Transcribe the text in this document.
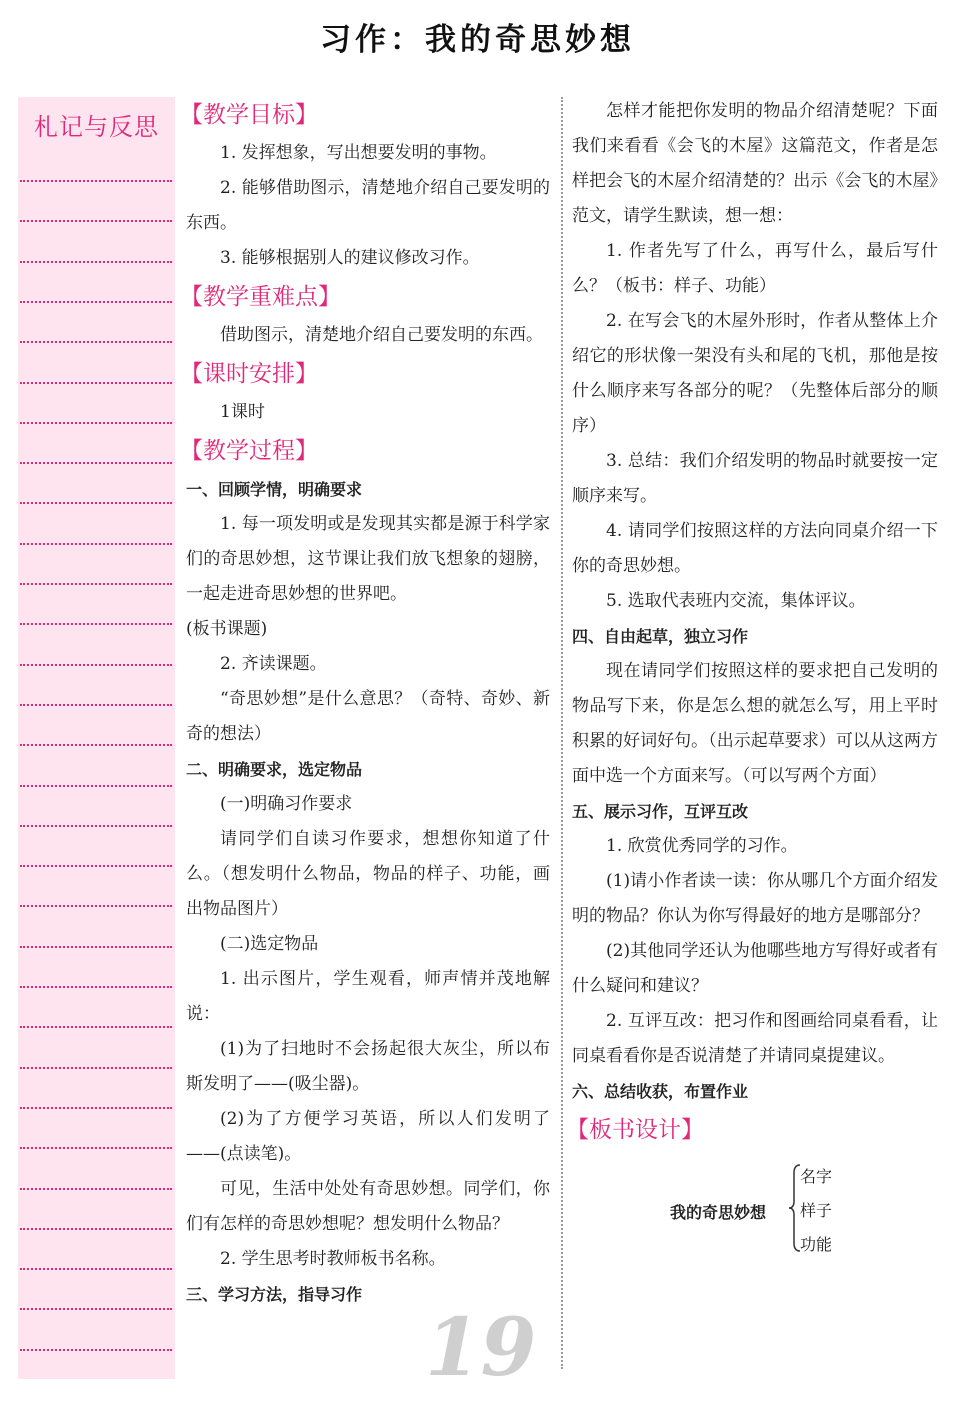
习作：我的奇思妙想
札记与反思 【教学目标】
1. 发挥想象，写出想要发明的事物。
2. 能够借助图示，清楚地介绍自己要发明的东西。
3. 能够根据别人的建议修改习作。
【教学重难点】
借助图示，清楚地介绍自己要发明的东西。
【课时安排】
1课时
【教学过程】
一、回顾学情，明确要求
1. 每一项发明或是发现其实都是源于科学家们的奇思妙想，这节课让我们放飞想象的翅膀，一起走进奇思妙想的世界吧。
(板书课题)
2. 齐读课题。
“奇思妙想”是什么意思？（奇特、奇妙、新奇的想法）
二、明确要求，选定物品
(一)明确习作要求
请同学们自读习作要求，想想你知道了什么。（想发明什么物品，物品的样子、功能，画出物品图片）
(二)选定物品
1. 出示图片，学生观看，师声情并茂地解说：
(1)为了扫地时不会扬起很大灰尘，所以布斯发明了——(吸尘器)。
(2)为了方便学习英语，所以人们发明了——(点读笔)。
可见，生活中处处有奇思妙想。同学们，你们有怎样的奇思妙想呢？想发明什么物品？
2. 学生思考时教师板书名称。
三、学习方法，指导习作
怎样才能把你发明的物品介绍清楚呢？下面我们来看看《会飞的木屋》这篇范文，作者是怎样把会飞的木屋介绍清楚的？出示《会飞的木屋》范文，请学生默读，想一想：
1. 作者先写了什么，再写什么，最后写什么？（板书：样子、功能）
2. 在写会飞的木屋外形时，作者从整体上介绍它的形状像一架没有头和尾的飞机，那他是按什么顺序来写各部分的呢？（先整体后部分的顺序）
3. 总结：我们介绍发明的物品时就要按一定顺序来写。
4. 请同学们按照这样的方法向同桌介绍一下你的奇思妙想。
5. 选取代表班内交流，集体评议。
四、自由起草，独立习作
现在请同学们按照这样的要求把自己发明的物品写下来，你是怎么想的就怎么写，用上平时积累的好词好句。（出示起草要求）可以从这两方面中选一个方面来写。（可以写两个方面）
五、展示习作，互评互改
1. 欣赏优秀同学的习作。
(1)请小作者读一读：你从哪几个方面介绍发明的物品？你认为你写得最好的地方是哪部分？
(2)其他同学还认为他哪些地方写得好或者有什么疑问和建议？
2. 互评互改：把习作和图画给同桌看看，让同桌看看你是否说清楚了并请同桌提建议。
六、总结收获，布置作业
【板书设计】
我的奇思妙想
名字
样子
功能
19
